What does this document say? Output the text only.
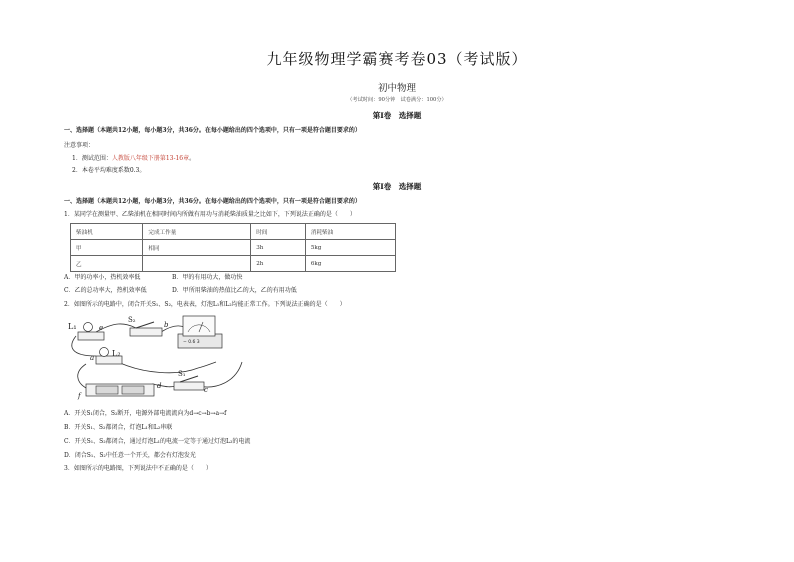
九年级物理学霸赛考卷03（考试版）
初中物理
（考试时间：90分钟　试卷满分：100分）
第Ⅰ卷　选择题
一、选择题（本题共12小题，每小题3分，共36分。在每小题给出的四个选项中，只有一项是符合题目要求的）
注意事项：
1．测试范围：人教版八年级下册第13-16章。
2．本卷平均难度系数0.3。
第Ⅰ卷　选择题
一、选择题（本题共12小题，每小题3分，共36分。在每小题给出的四个选项中，只有一项是符合题目要求的）
1．某同学在测量甲、乙柴油机在相同时间内所做有用功与消耗柴油质量之比如下，下列说法正确的是（　　）
柴油机	完成工作量	时间	消耗柴油
甲	相同	3h	5kg
乙		2h	6kg
A．甲的功率小，热机效率低	B．甲的有用功大，做功快
C．乙的总功率大，热机效率低	D．甲所用柴油的热值比乙的大，乙的有用功低
2．如图所示的电路中，闭合开关S₁、S₂，电表表，灯泡L₁和L₂均能正常工作。下列说法正确的是（　　）
L₁	e
S₂
b
− 0.6 3
L₂
a
f
d
S₁
c
A．开关S₁闭合，S₂断开，电源外部电流流向为d→c→b→a→f
B．开关S₁、S₂都闭合，灯泡L₁和L₂串联
C．开关S₁、S₂都闭合，通过灯泡L₁的电流一定等于通过灯泡L₂的电流
D．闭合S₁、S₂中任意一个开关，都会有灯泡发光
3．如图所示的电路图，下列说法中不正确的是（　　）
